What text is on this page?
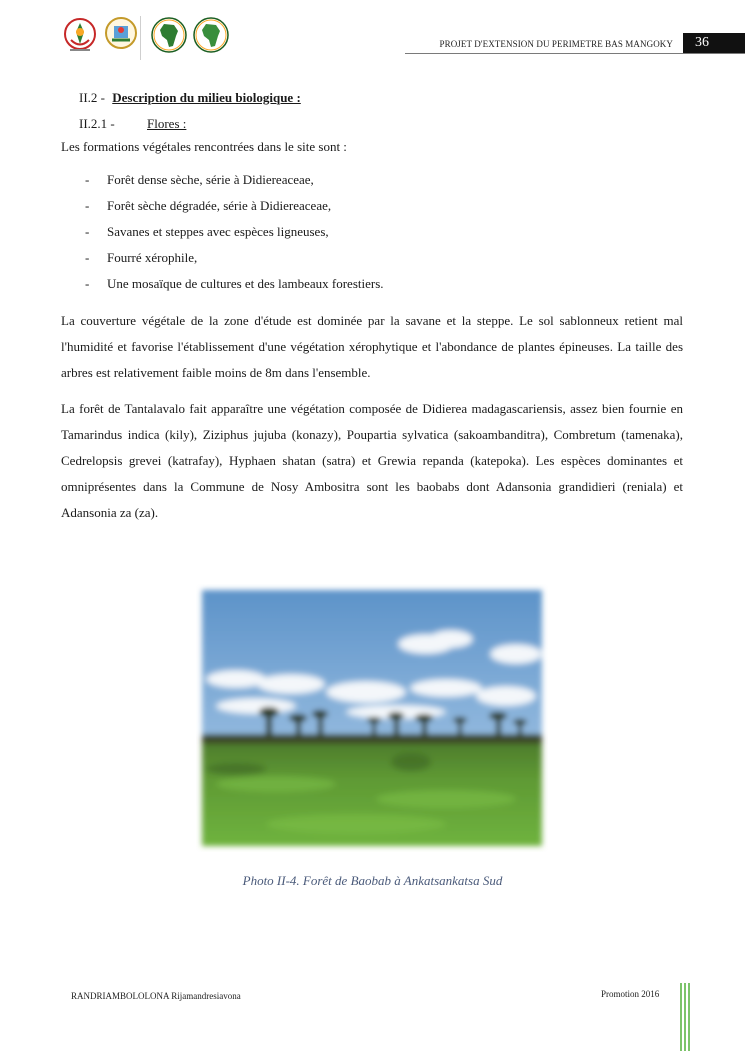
PROJET D'EXTENSION DU PERIMETRE BAS MANGOKY	36
II.2 - Description du milieu biologique :
II.2.1 - Flores :

Les formations végétales rencontrées dans le site sont :

- Forêt dense sèche, série à Didiereaceae,
- Forêt sèche dégradée, série à Didiereaceae,
- Savanes et steppes avec espèces ligneuses,
- Fourré xérophile,
- Une mosaïque de cultures et des lambeaux forestiers.

La couverture végétale de la zone d'étude est dominée par la savane et la steppe. Le sol sablonneux retient mal l'humidité et favorise l'établissement d'une végétation xérophytique et l'abondance de plantes épineuses. La taille des arbres est relativement faible moins de 8m dans l'ensemble.

La forêt de Tantalavalo fait apparaître une végétation composée de Didierea madagascariensis, assez bien fournie en Tamarindus indica (kily), Ziziphus jujuba (konazy), Poupartia sylvatica (sakoambanditra), Combretum (tamenaka), Cedrelopsis grevei (katrafay), Hyphaen shatan (satra) et Grewia repanda (katepoka). Les espèces dominantes et omniprésentes dans la Commune de Nosy Ambositra sont les baobabs dont Adansonia grandidieri (reniala) et Adansonia za (za).

Photo II-4. Forêt de Baobab à Ankatsankatsa Sud
RANDRIAMBOLOLONA Rijamandresiavona	Promotion 2016
